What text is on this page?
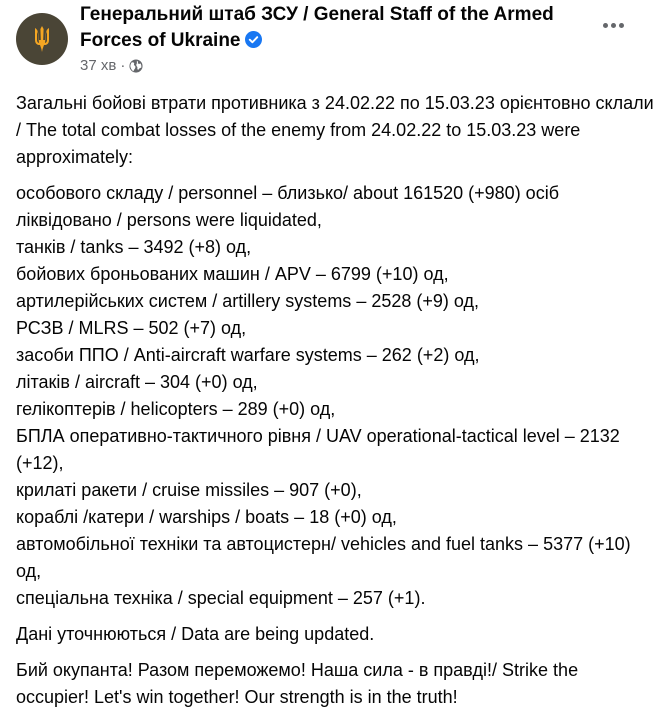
Генеральний штаб ЗСУ / General Staff of the Armed Forces of Ukraine
37 хв ·

Загальні бойові втрати противника з 24.02.22 по 15.03.23 орієнтовно склали / The total combat losses of the enemy from 24.02.22 to 15.03.23 were approximately:

особового складу / personnel – близько/ about 161520 (+980) осіб ліквідовано / persons were liquidated,
танків / tanks – 3492 (+8) од,
бойових броньованих машин / APV – 6799 (+10) од,
артилерійських систем / artillery systems – 2528 (+9) од,
РСЗВ / MLRS – 502 (+7) од,
засоби ППО / Anti-aircraft warfare systems – 262 (+2) од,
літаків / aircraft – 304 (+0) од,
гелікоптерів / helicopters – 289 (+0) од,
БПЛА оперативно-тактичного рівня / UAV operational-tactical level – 2132 (+12),
крилаті ракети / cruise missiles – 907 (+0),
кораблі /катери / warships / boats – 18 (+0) од,
автомобільної техніки та автоцистерн/ vehicles and fuel tanks – 5377 (+10) од,
спеціальна техніка / special equipment – 257 (+1).

Дані уточнюються / Data are being updated.

Бий окупанта! Разом переможемо! Наша сила - в правді!/ Strike the occupier! Let's win together! Our strength is in the truth!
